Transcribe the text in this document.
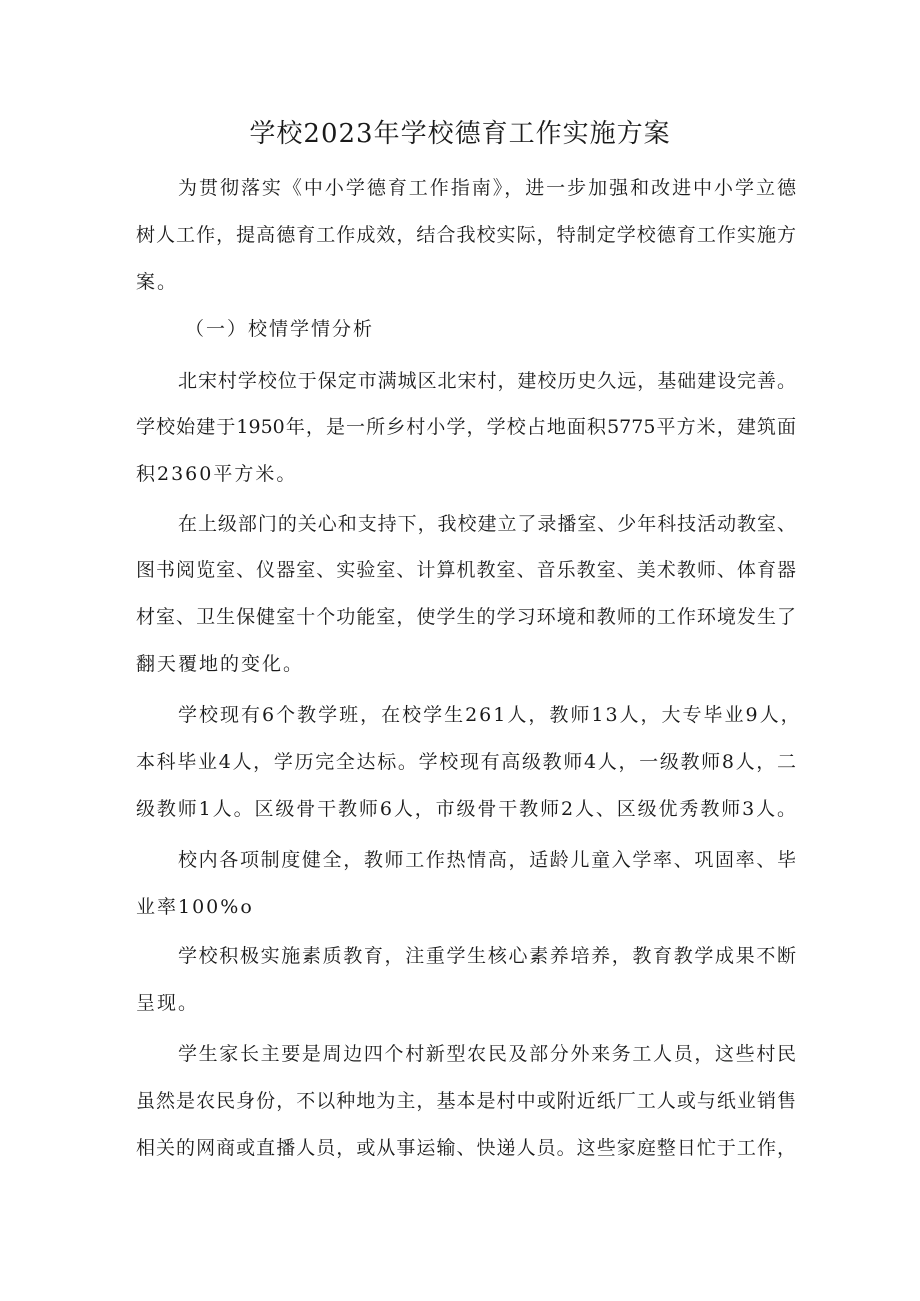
学校2023年学校德育工作实施方案
为贯彻落实《中小学德育工作指南》，进一步加强和改进中小学立德
树人工作，提高德育工作成效，结合我校实际，特制定学校德育工作实施方
案。
（一）校情学情分析
北宋村学校位于保定市满城区北宋村，建校历史久远，基础建设完善。
学校始建于1950年，是一所乡村小学，学校占地面积5775平方米，建筑面
积2360平方米。
在上级部门的关心和支持下，我校建立了录播室、少年科技活动教室、
图书阅览室、仪器室、实验室、计算机教室、音乐教室、美术教师、体育器
材室、卫生保健室十个功能室，使学生的学习环境和教师的工作环境发生了
翻天覆地的变化。
学校现有6个教学班，在校学生261人，教师13人，大专毕业9人，
本科毕业4人，学历完全达标。学校现有高级教师4人，一级教师8人，二
级教师1人。区级骨干教师6人，市级骨干教师2人、区级优秀教师3人。
校内各项制度健全，教师工作热情高，适龄儿童入学率、巩固率、毕
业率100%o
学校积极实施素质教育，注重学生核心素养培养，教育教学成果不断
呈现。
学生家长主要是周边四个村新型农民及部分外来务工人员，这些村民
虽然是农民身份，不以种地为主，基本是村中或附近纸厂工人或与纸业销售
相关的网商或直播人员，或从事运输、快递人员。这些家庭整日忙于工作，
